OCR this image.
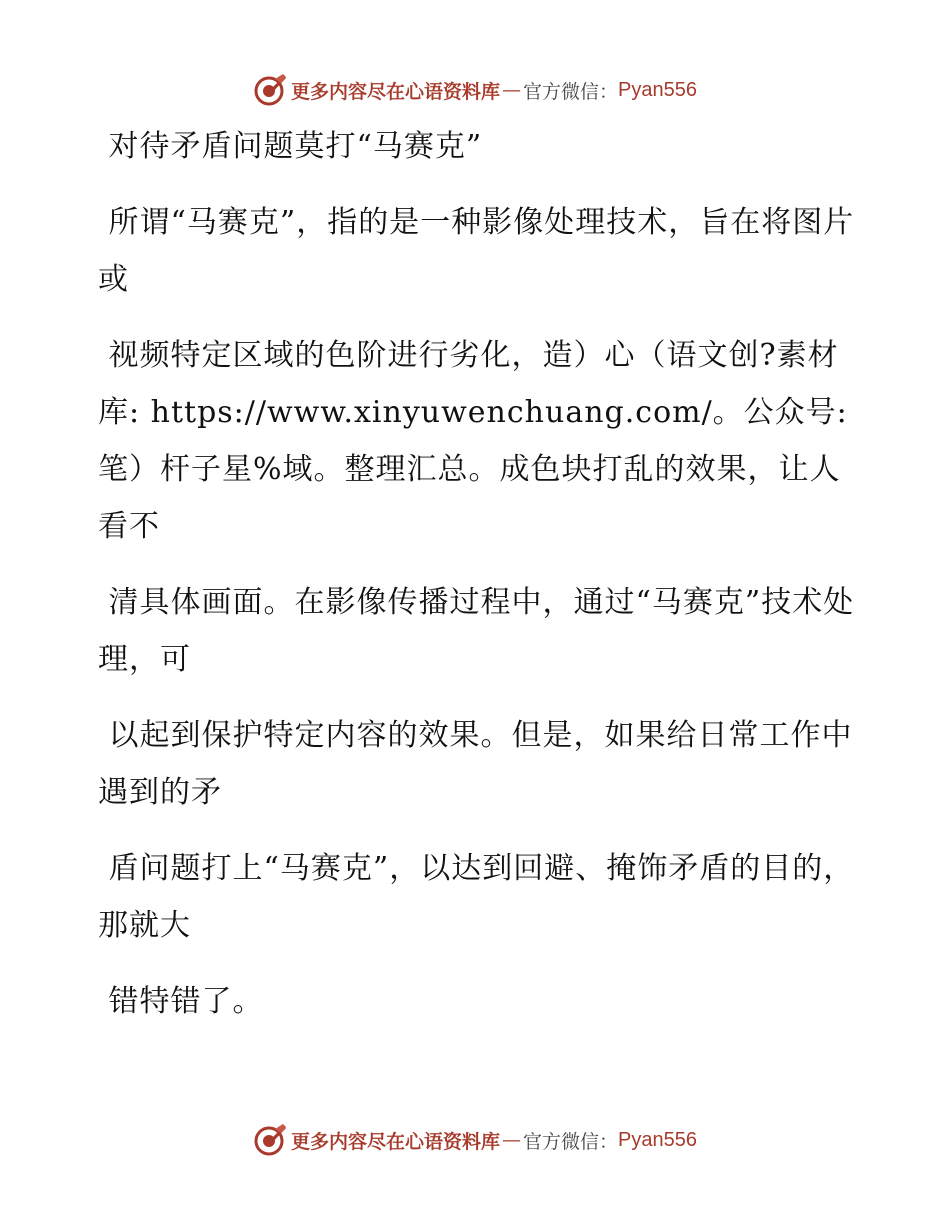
更多内容尽在心语资料库 — 官方微信： Pyan556
对待矛盾问题莫打“马赛克”
所谓“马赛克”，指的是一种影像处理技术，旨在将图片或
视频特定区域的色阶进行劣化，造）心（语文创?素材库: https://www.xinyuwenchuang.com/。公众号: 笔）杆子星%域。整理汇总。成色块打乱的效果，让人看不
清具体画面。在影像传播过程中，通过“马赛克”技术处理，可
以起到保护特定内容的效果。但是，如果给日常工作中遇到的矛
盾问题打上“马赛克”，以达到回避、掩饰矛盾的目的，那就大
错特错了。
更多内容尽在心语资料库 — 官方微信： Pyan556
